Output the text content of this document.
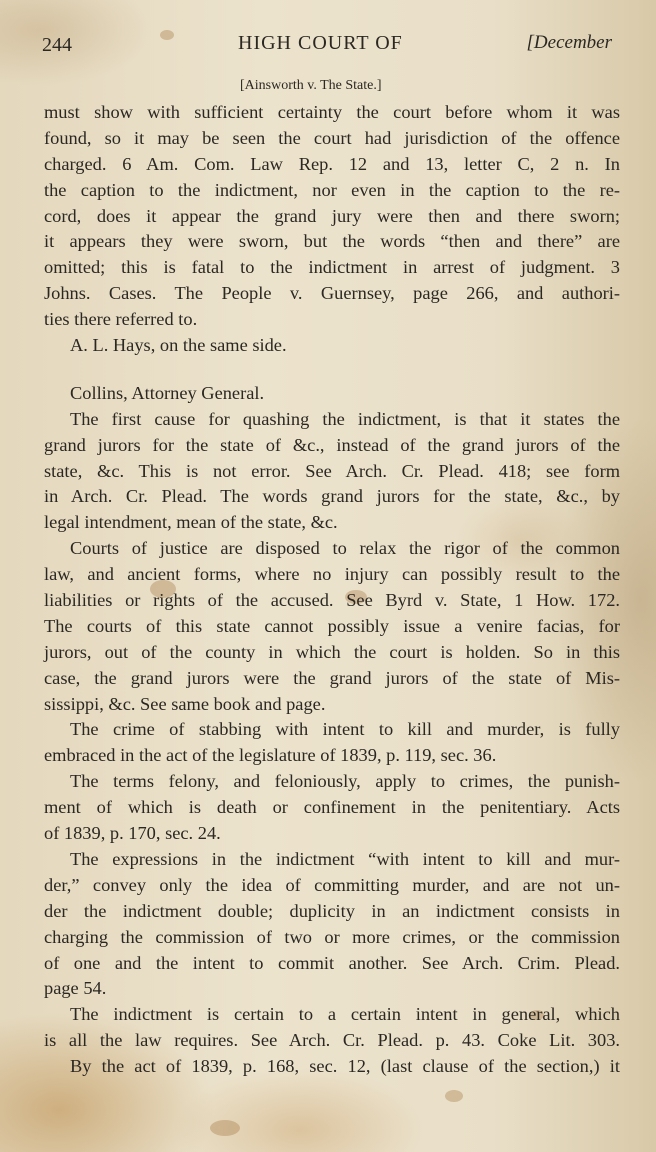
244	HIGH COURT OF	[December
[Ainsworth v. The State.]
must show with sufficient certainty the court before whom it was
found, so it may be seen the court had jurisdiction of the offence
charged. 6 Am. Com. Law Rep. 12 and 13, letter C, 2 n. In
the caption to the indictment, nor even in the caption to the re-
cord, does it appear the grand jury were then and there sworn;
it appears they were sworn, but the words “then and there” are
omitted; this is fatal to the indictment in arrest of judgment. 3
Johns. Cases. The People v. Guernsey, page 266, and authori-
ties there referred to.
A. L. Hays, on the same side.
Collins, Attorney General.
The first cause for quashing the indictment, is that it states the
grand jurors for the state of &c., instead of the grand jurors of the
state, &c. This is not error. See Arch. Cr. Plead. 418; see form
in Arch. Cr. Plead. The words grand jurors for the state, &c., by
legal intendment, mean of the state, &c.
Courts of justice are disposed to relax the rigor of the common
law, and ancient forms, where no injury can possibly result to the
liabilities or rights of the accused. See Byrd v. State, 1 How. 172.
The courts of this state cannot possibly issue a venire facias, for
jurors, out of the county in which the court is holden. So in this
case, the grand jurors were the grand jurors of the state of Mis-
sissippi, &c. See same book and page.
The crime of stabbing with intent to kill and murder, is fully
embraced in the act of the legislature of 1839, p. 119, sec. 36.
The terms felony, and feloniously, apply to crimes, the punish-
ment of which is death or confinement in the penitentiary. Acts
of 1839, p. 170, sec. 24.
The expressions in the indictment “with intent to kill and mur-
der,” convey only the idea of committing murder, and are not un-
der the indictment double; duplicity in an indictment consists in
charging the commission of two or more crimes, or the commission
of one and the intent to commit another. See Arch. Crim. Plead.
page 54.
The indictment is certain to a certain intent in general, which
is all the law requires. See Arch. Cr. Plead. p. 43. Coke Lit. 303.
By the act of 1839, p. 168, sec. 12, (last clause of the section,) it
